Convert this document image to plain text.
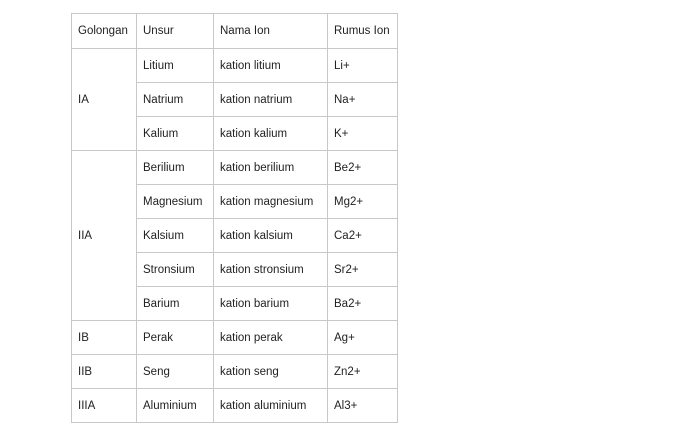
Golongan	Unsur	Nama Ion	Rumus Ion
IA	Litium	kation litium	Li+
	Natrium	kation natrium	Na+
	Kalium	kation kalium	K+
IIA	Berilium	kation berilium	Be2+
	Magnesium	kation magnesium	Mg2+
	Kalsium	kation kalsium	Ca2+
	Stronsium	kation stronsium	Sr2+
	Barium	kation barium	Ba2+
IB	Perak	kation perak	Ag+
IIB	Seng	kation seng	Zn2+
IIIA	Aluminium	kation aluminium	Al3+
